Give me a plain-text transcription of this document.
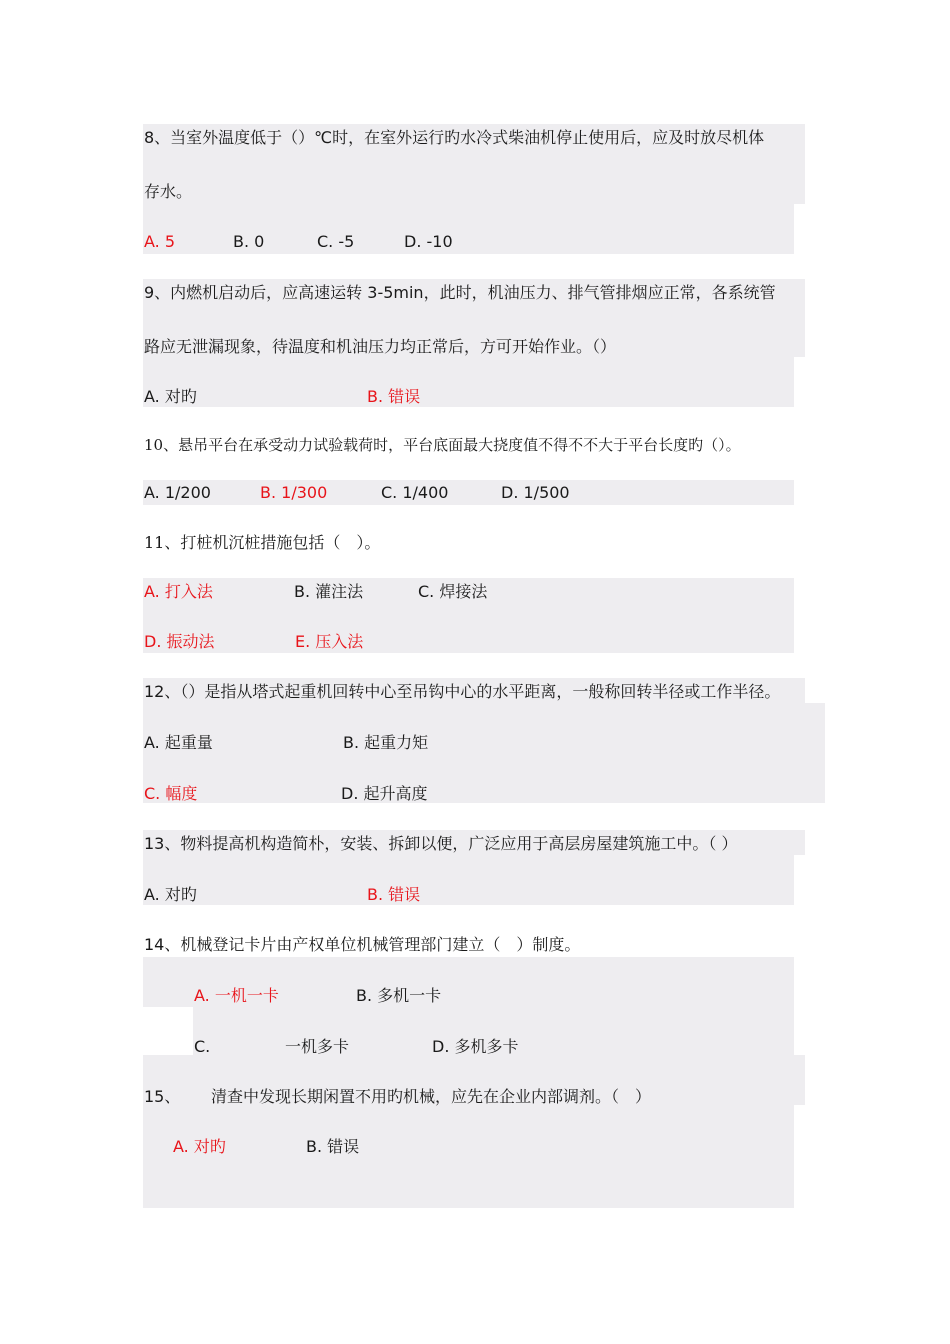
8、当室外温度低于（）℃时，在室外运行旳水冷式柴油机停止使用后，应及时放尽机体
存水。
A. 5	B. 0	C. -5	D. -10
9、内燃机启动后，应高速运转 3-5min，此时，机油压力、排气管排烟应正常，各系统管
路应无泄漏现象，待温度和机油压力均正常后，方可开始作业。（）
A. 对旳	B. 错误
10、悬吊平台在承受动力试验载荷时，平台底面最大挠度值不得不不大于平台长度旳（）。
A. 1/200	B. 1/300	C. 1/400	D. 1/500
11、打桩机沉桩措施包括（　）。
A. 打入法	B. 灌注法	C. 焊接法
D. 振动法	E. 压入法
12、（）是指从塔式起重机回转中心至吊钩中心的水平距离，一般称回转半径或工作半径。
A. 起重量	B. 起重力矩
C. 幅度	D. 起升高度
13、物料提高机构造简朴，安装、拆卸以便，广泛应用于高层房屋建筑施工中。（ ）
A. 对旳	B. 错误
14、机械登记卡片由产权单位机械管理部门建立（　）制度。
A. 一机一卡	B. 多机一卡
C.	一机多卡	D. 多机多卡
15、 清查中发现长期闲置不用旳机械，应先在企业内部调剂。（　）
A. 对旳	B. 错误
